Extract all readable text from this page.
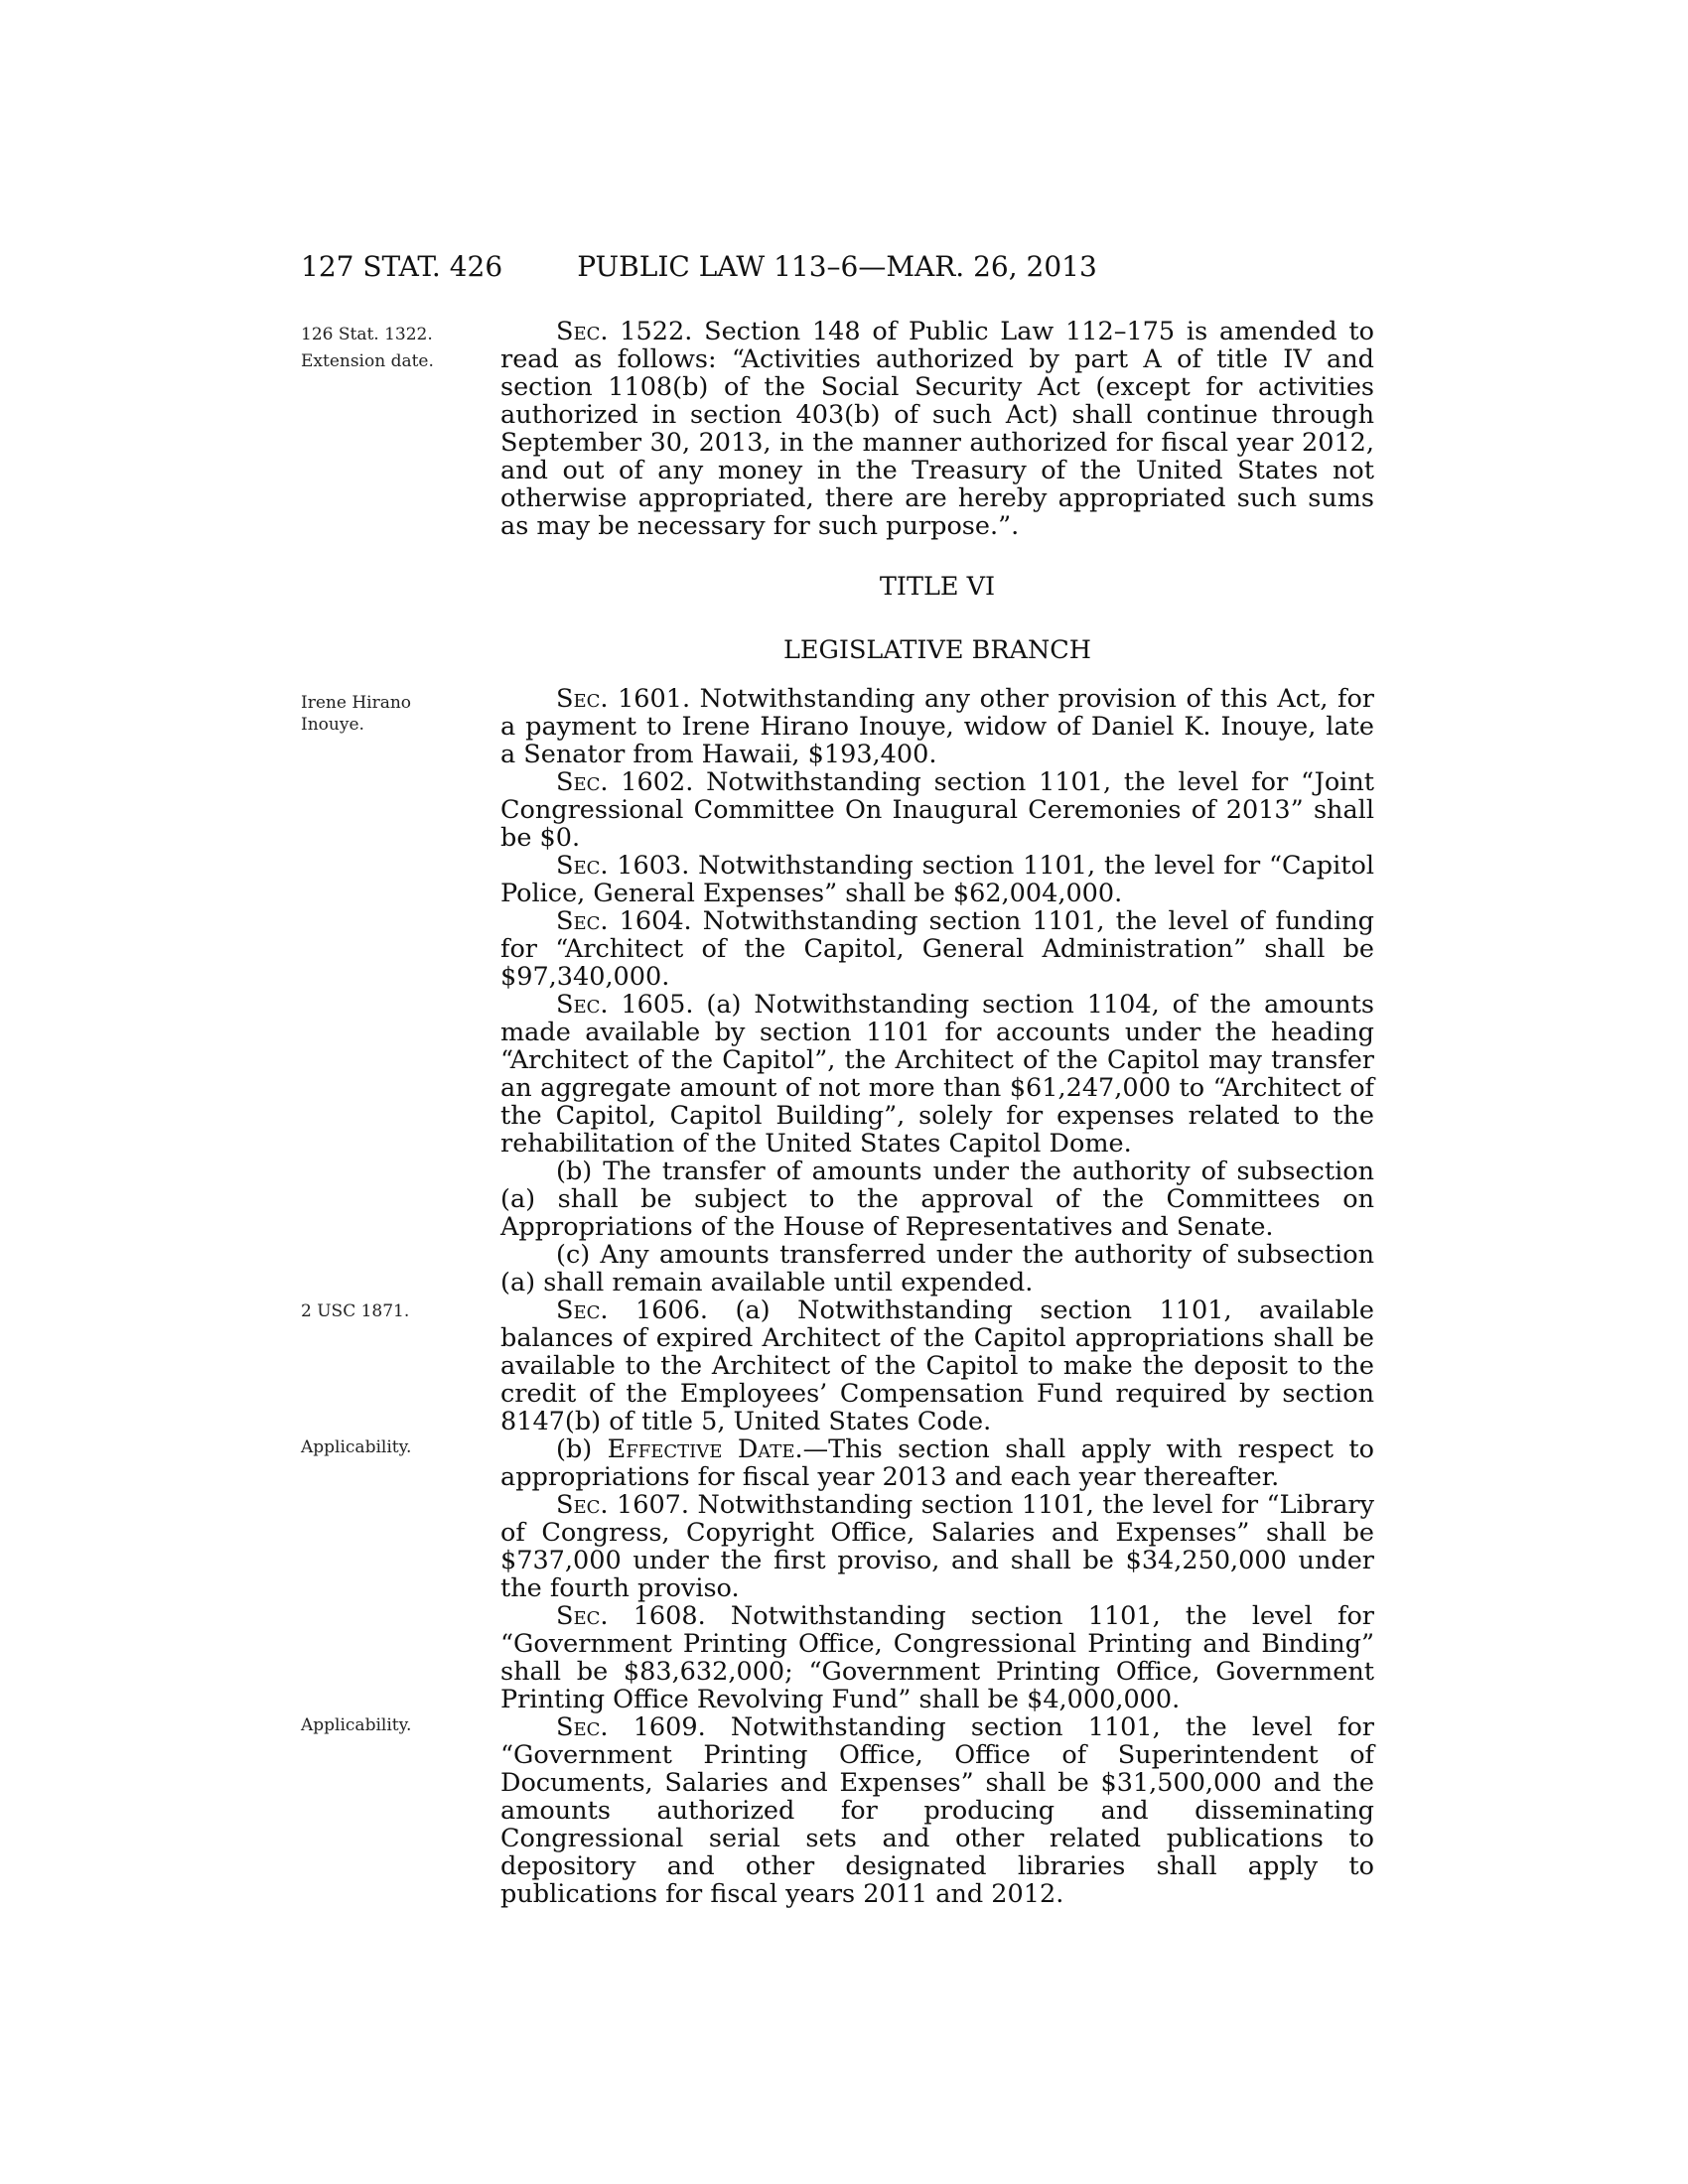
127 STAT. 426	PUBLIC LAW 113–6—MAR. 26, 2013
126 Stat. 1322.
Extension date.
Irene Hirano
Inouye.
2 USC 1871.
Applicability.
Applicability.

Sec. 1522. Section 148 of Public Law 112–175 is amended to read as follows: “Activities authorized by part A of title IV and section 1108(b) of the Social Security Act (except for activities authorized in section 403(b) of such Act) shall continue through September 30, 2013, in the manner authorized for fiscal year 2012, and out of any money in the Treasury of the United States not otherwise appropriated, there are hereby appropriated such sums as may be necessary for such purpose.”.

TITLE VI
LEGISLATIVE BRANCH

Sec. 1601. Notwithstanding any other provision of this Act, for a payment to Irene Hirano Inouye, widow of Daniel K. Inouye, late a Senator from Hawaii, $193,400.

Sec. 1602. Notwithstanding section 1101, the level for “Joint Congressional Committee On Inaugural Ceremonies of 2013” shall be $0.

Sec. 1603. Notwithstanding section 1101, the level for “Capitol Police, General Expenses” shall be $62,004,000.

Sec. 1604. Notwithstanding section 1101, the level of funding for “Architect of the Capitol, General Administration” shall be $97,340,000.

Sec. 1605. (a) Notwithstanding section 1104, of the amounts made available by section 1101 for accounts under the heading “Architect of the Capitol”, the Architect of the Capitol may transfer an aggregate amount of not more than $61,247,000 to “Architect of the Capitol, Capitol Building”, solely for expenses related to the rehabilitation of the United States Capitol Dome.

(b) The transfer of amounts under the authority of subsection (a) shall be subject to the approval of the Committees on Appropriations of the House of Representatives and Senate.

(c) Any amounts transferred under the authority of subsection (a) shall remain available until expended.

Sec. 1606. (a) Notwithstanding section 1101, available balances of expired Architect of the Capitol appropriations shall be available to the Architect of the Capitol to make the deposit to the credit of the Employees’ Compensation Fund required by section 8147(b) of title 5, United States Code.

(b) Effective Date.—This section shall apply with respect to appropriations for fiscal year 2013 and each year thereafter.

Sec. 1607. Notwithstanding section 1101, the level for “Library of Congress, Copyright Office, Salaries and Expenses” shall be $737,000 under the first proviso, and shall be $34,250,000 under the fourth proviso.

Sec. 1608. Notwithstanding section 1101, the level for “Government Printing Office, Congressional Printing and Binding” shall be $83,632,000; “Government Printing Office, Government Printing Office Revolving Fund” shall be $4,000,000.

Sec. 1609. Notwithstanding section 1101, the level for “Government Printing Office, Office of Superintendent of Documents, Salaries and Expenses” shall be $31,500,000 and the amounts authorized for producing and disseminating Congressional serial sets and other related publications to depository and other designated libraries shall apply to publications for fiscal years 2011 and 2012.
